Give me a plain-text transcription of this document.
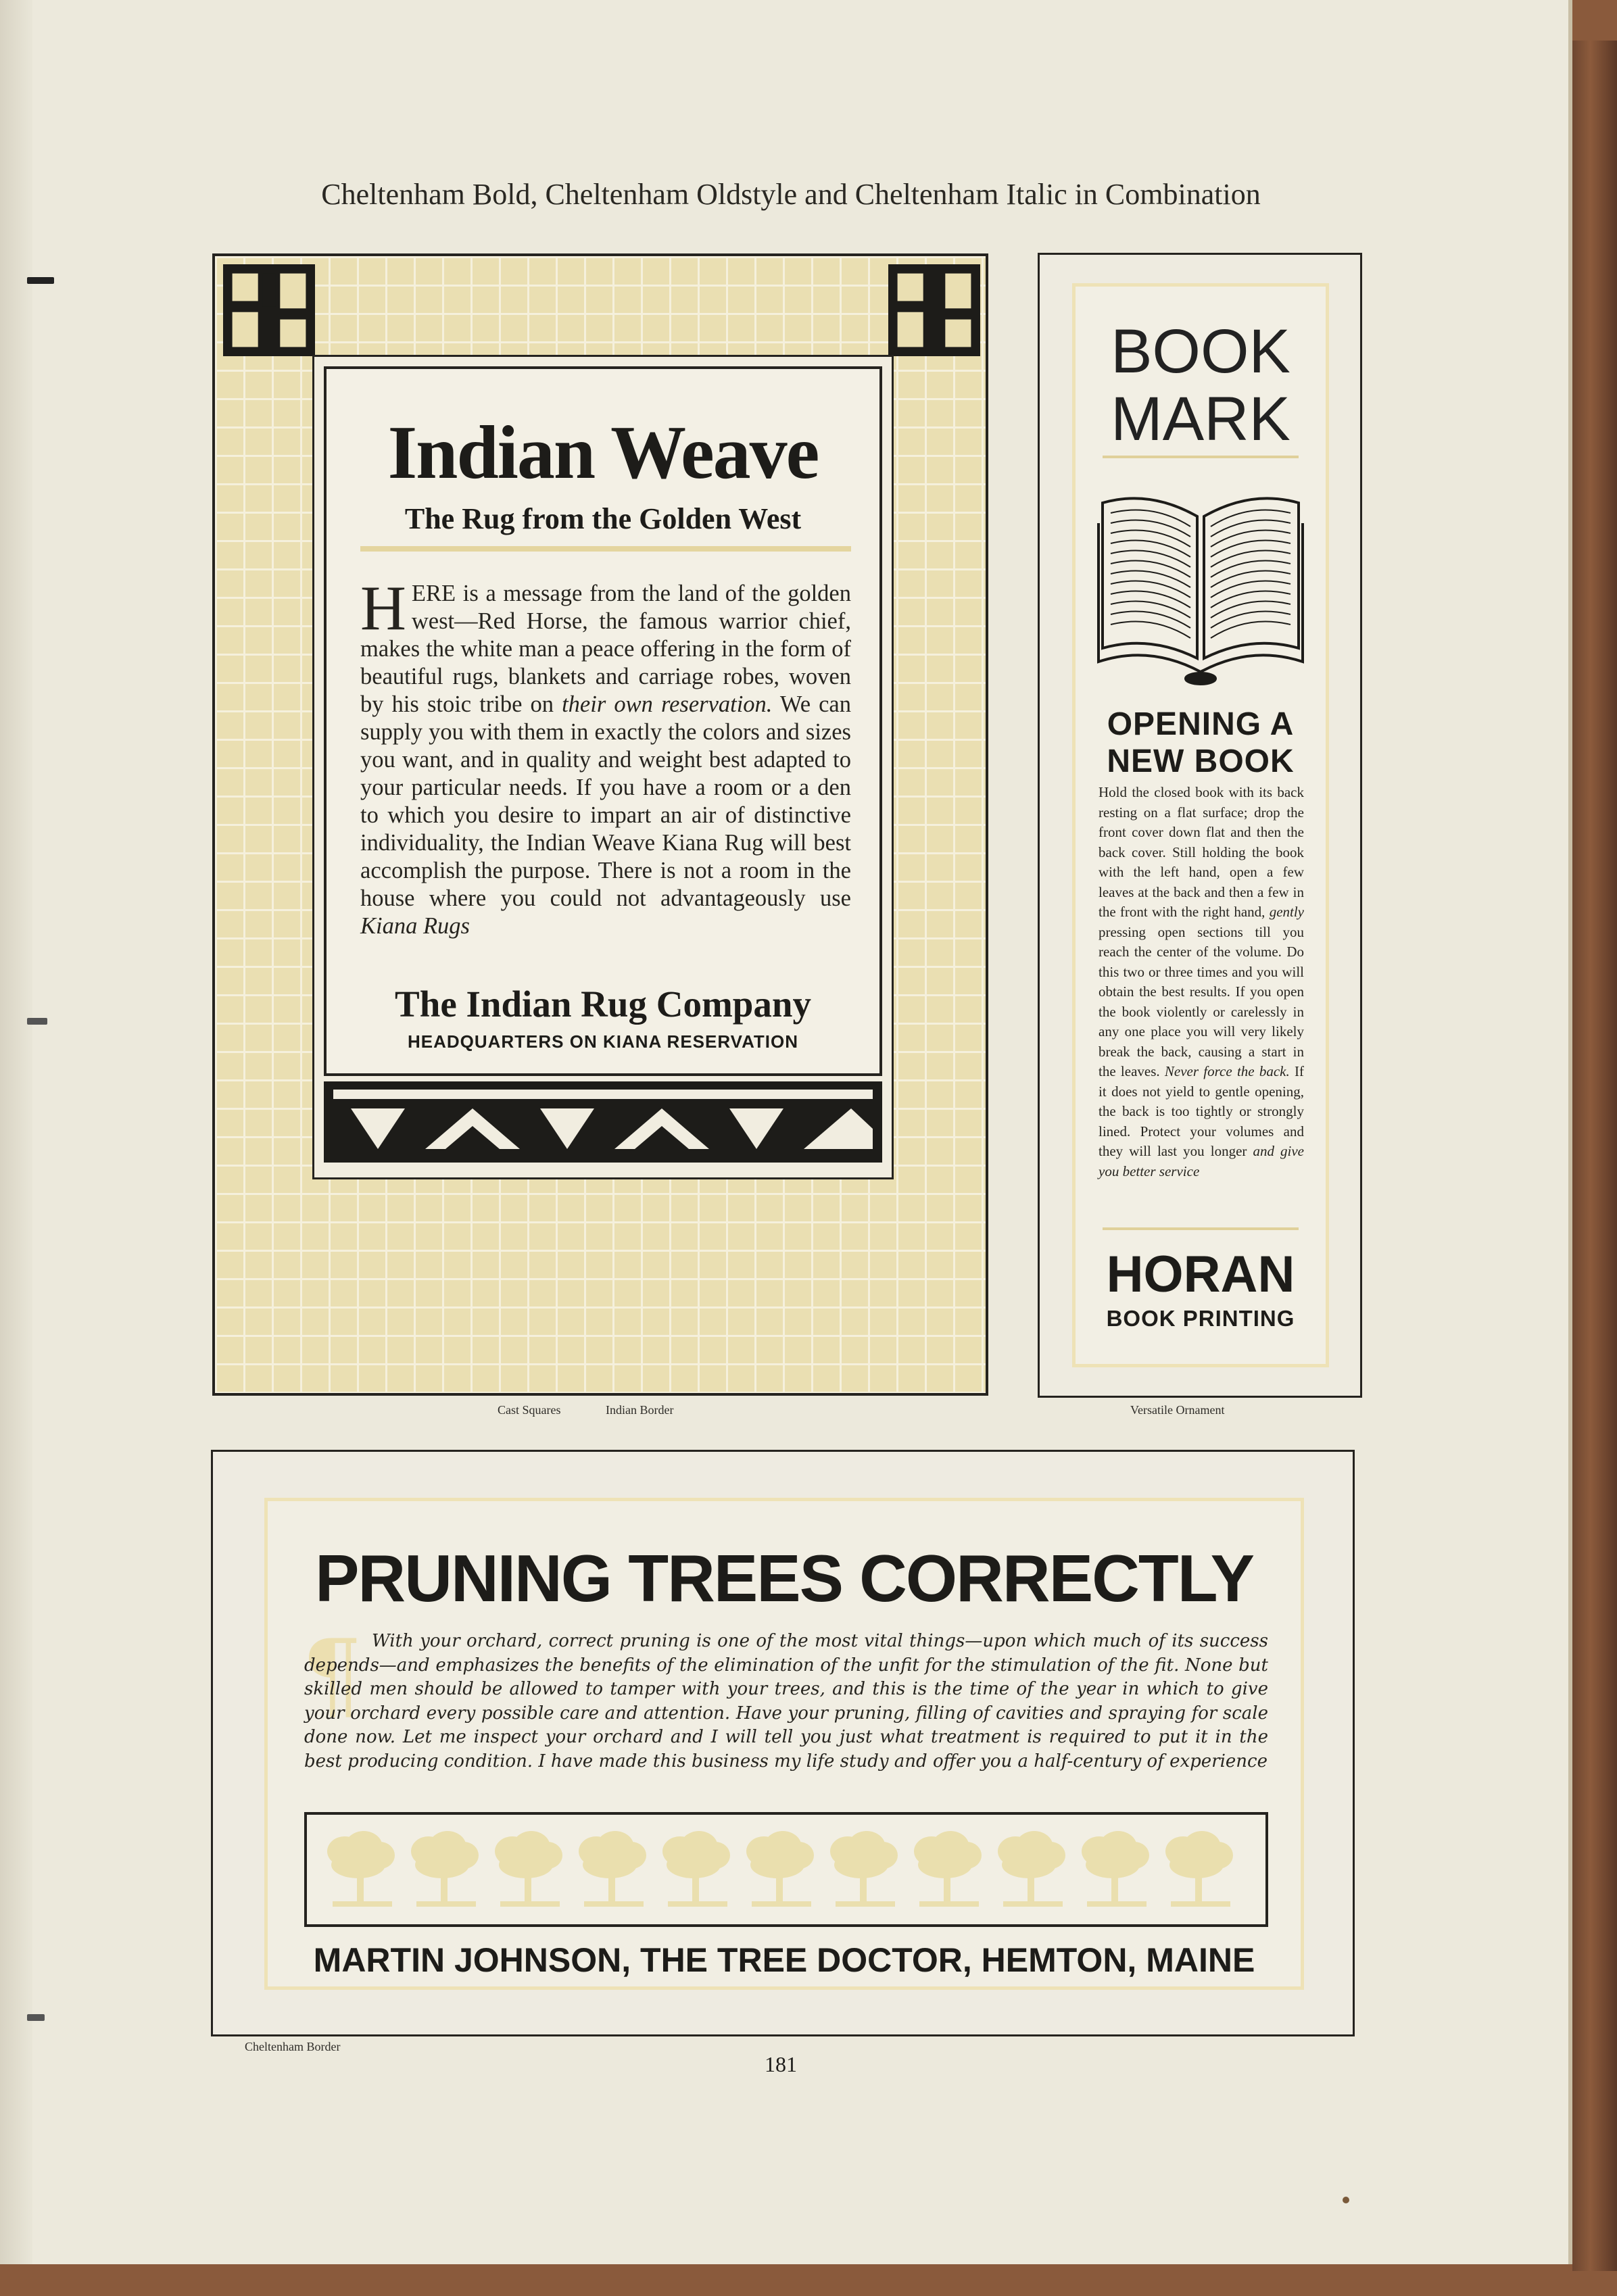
Cheltenham Bold, Cheltenham Oldstyle and Cheltenham Italic in Combination
Indian Weave
The Rug from the Golden West
HERE is a message from the land of the golden west—Red Horse, the famous warrior chief, makes the white man a peace offering in the form of beautiful rugs, blankets and carriage robes, woven by his stoic tribe on their own reservation. We can supply you with them in exactly the colors and sizes you want, and in quality and weight best adapted to your particular needs. If you have a room or a den to which you desire to impart an air of distinctive individuality, the Indian Weave Kiana Rug will best accomplish the purpose. There is not a room in the house where you could not advantageously use Kiana Rugs
The Indian Rug Company
HEADQUARTERS ON KIANA RESERVATION
Cast Squares	Indian Border
BOOK
MARK
OPENING A
NEW BOOK
Hold the closed book with its back resting on a flat surface; drop the front cover down flat and then the back cover. Still holding the book with the left hand, open a few leaves at the back and then a few in the front with the right hand, gently pressing open sections till you reach the center of the volume. Do this two or three times and you will obtain the best results. If you open the book violently or carelessly in any one place you will very likely break the back, causing a start in the leaves. Never force the back. If it does not yield to gentle opening, the back is too tightly or strongly lined. Protect your volumes and they will last you longer and give you better service
HORAN
BOOK PRINTING
Versatile Ornament
PRUNING TREES CORRECTLY
¶ With your orchard, correct pruning is one of the most vital things—upon which much of its success depends—and emphasizes the benefits of the elimination of the unfit for the stimulation of the fit. None but skilled men should be allowed to tamper with your trees, and this is the time of the year in which to give your orchard every possible care and attention. Have your pruning, filling of cavities and spraying for scale done now. Let me inspect your orchard and I will tell you just what treatment is required to put it in the best producing condition. I have made this business my life study and offer you a half-century of experience
MARTIN JOHNSON, THE TREE DOCTOR, HEMTON, MAINE
Cheltenham Border
181
